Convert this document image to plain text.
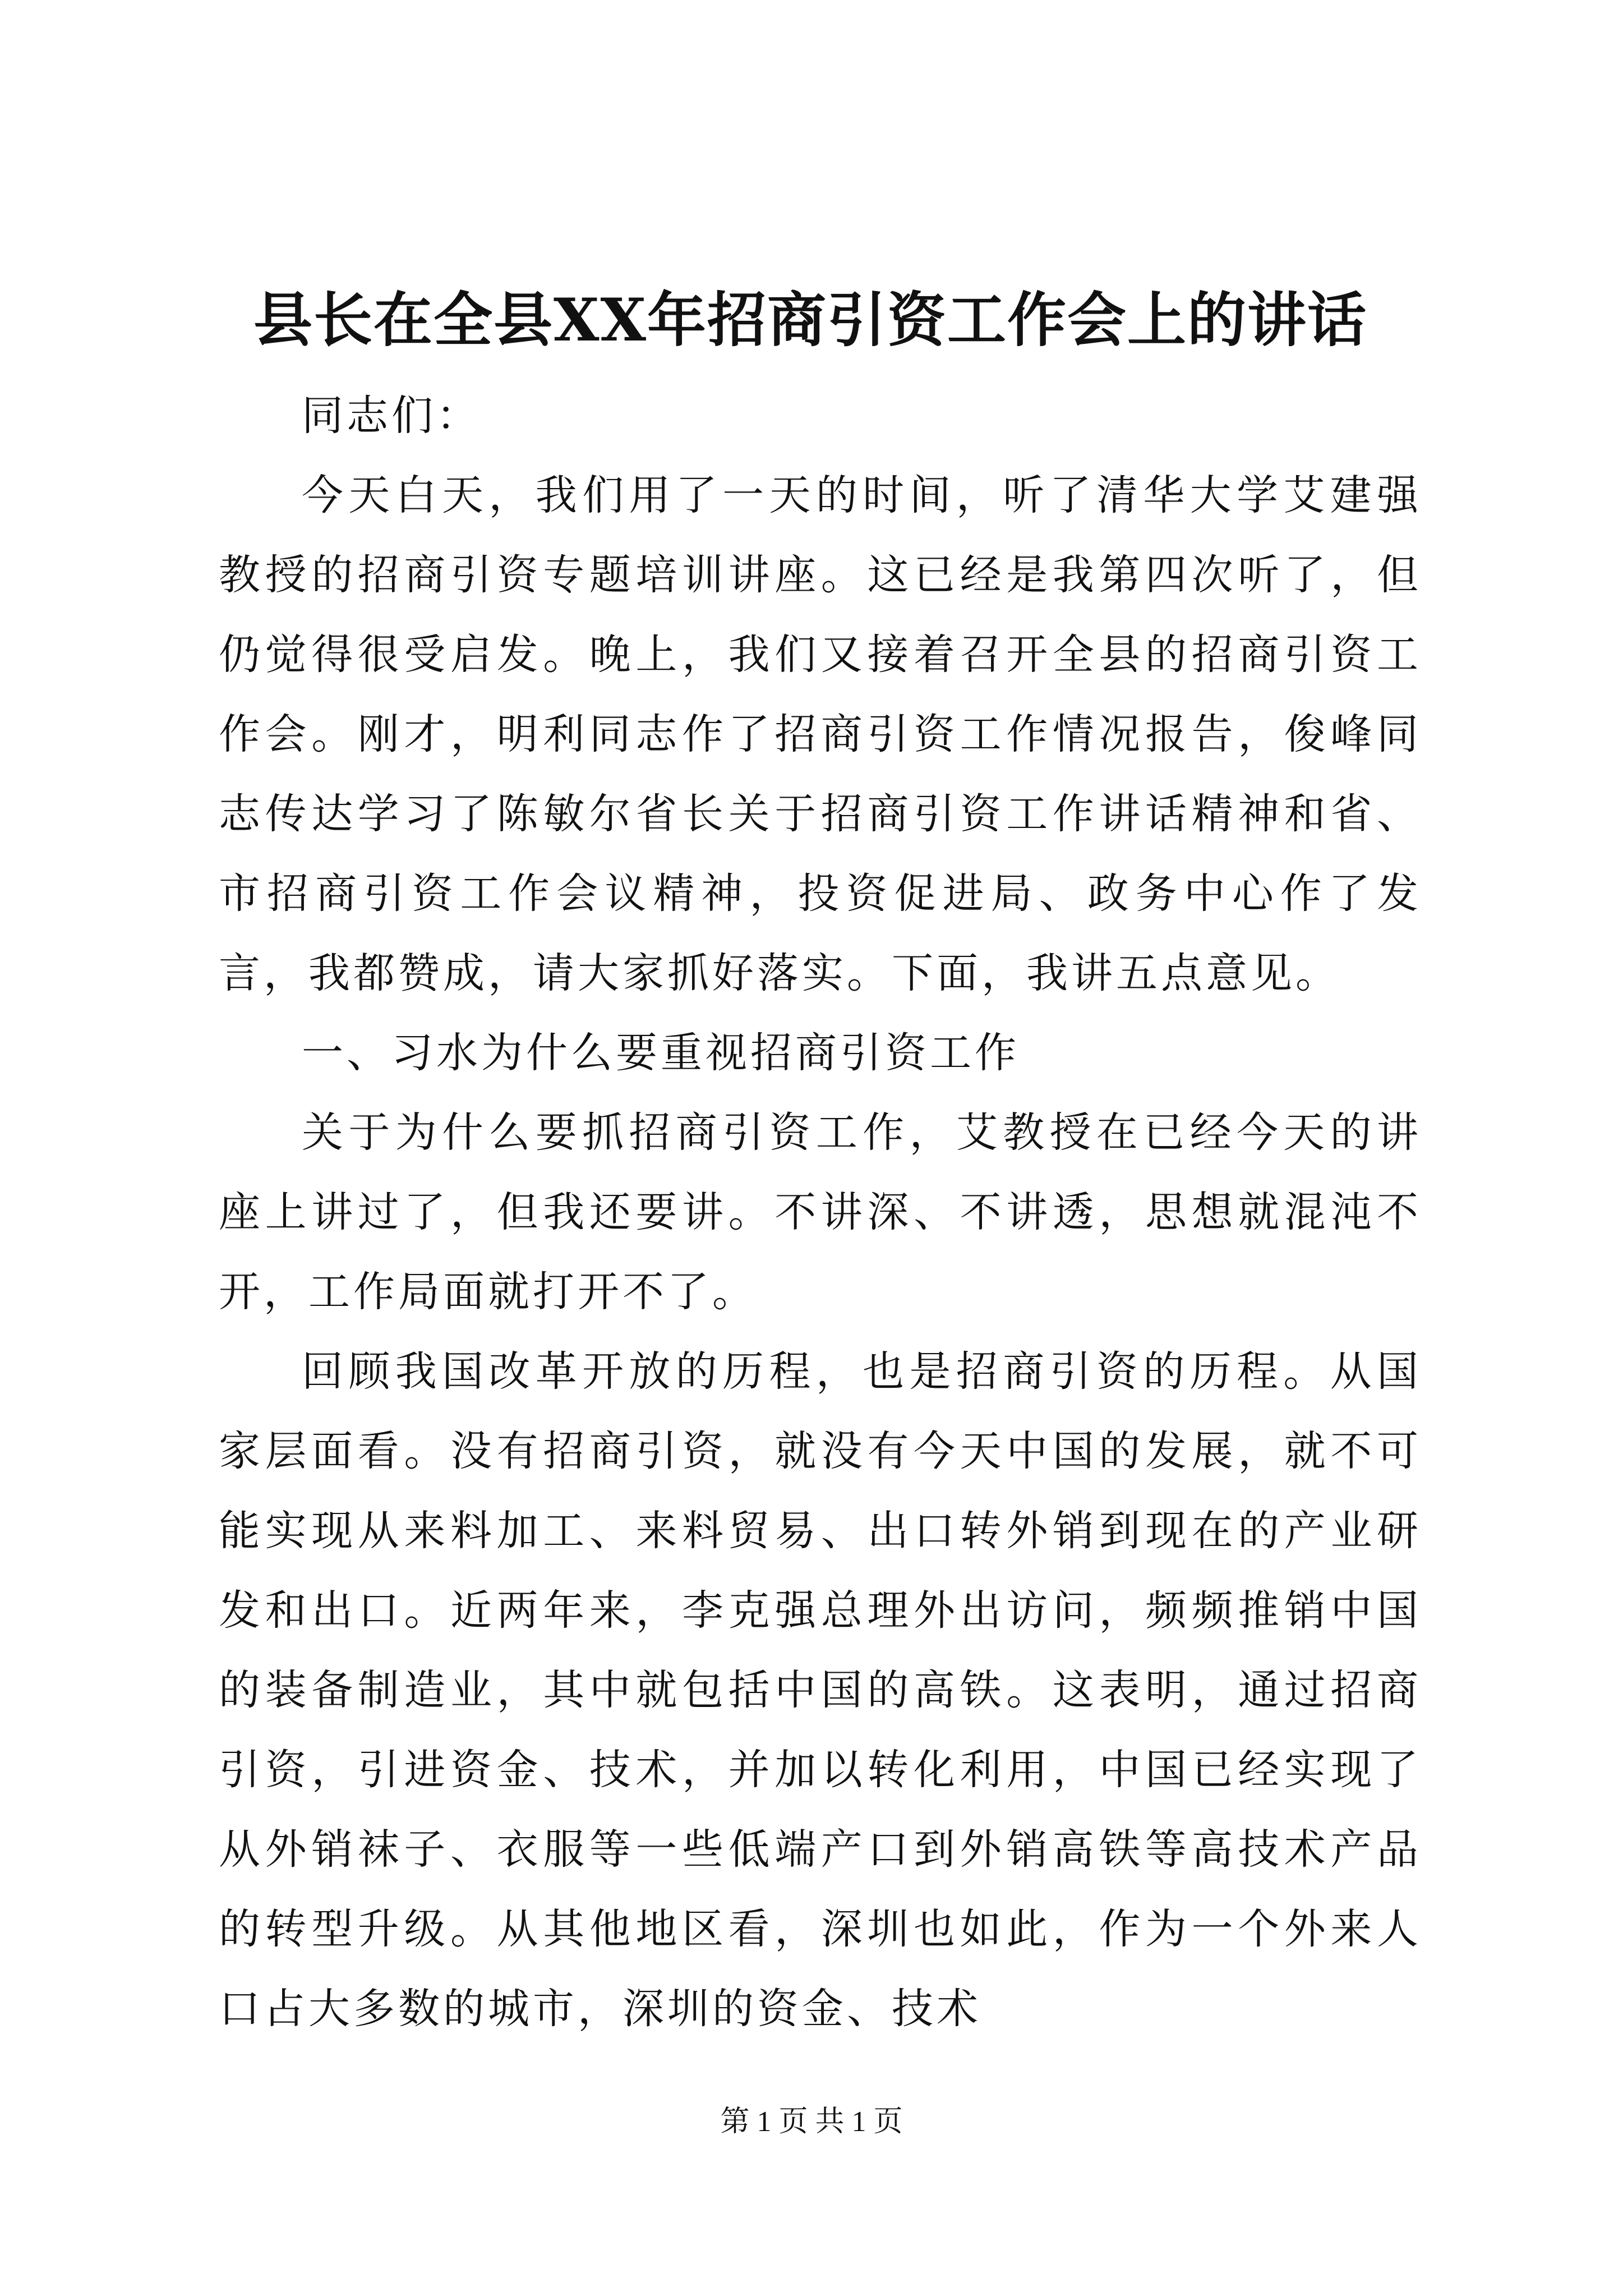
县长在全县XX年招商引资工作会上的讲话

同志们：

今天白天，我们用了一天的时间，听了清华大学艾建强教授的招商引资专题培训讲座。这已经是我第四次听了，但仍觉得很受启发。晚上，我们又接着召开全县的招商引资工作会。刚才，明利同志作了招商引资工作情况报告，俊峰同志传达学习了陈敏尔省长关于招商引资工作讲话精神和省、市招商引资工作会议精神，投资促进局、政务中心作了发言，我都赞成，请大家抓好落实。下面，我讲五点意见。

一、习水为什么要重视招商引资工作

关于为什么要抓招商引资工作，艾教授在已经今天的讲座上讲过了，但我还要讲。不讲深、不讲透，思想就混沌不开，工作局面就打开不了。

回顾我国改革开放的历程，也是招商引资的历程。从国家层面看。没有招商引资，就没有今天中国的发展，就不可能实现从来料加工、来料贸易、出口转外销到现在的产业研发和出口。近两年来，李克强总理外出访问，频频推销中国的装备制造业，其中就包括中国的高铁。这表明，通过招商引资，引进资金、技术，并加以转化利用，中国已经实现了从外销袜子、衣服等一些低端产口到外销高铁等高技术产品的转型升级。从其他地区看，深圳也如此，作为一个外来人口占大多数的城市，深圳的资金、技术

第 1 页 共 1 页
